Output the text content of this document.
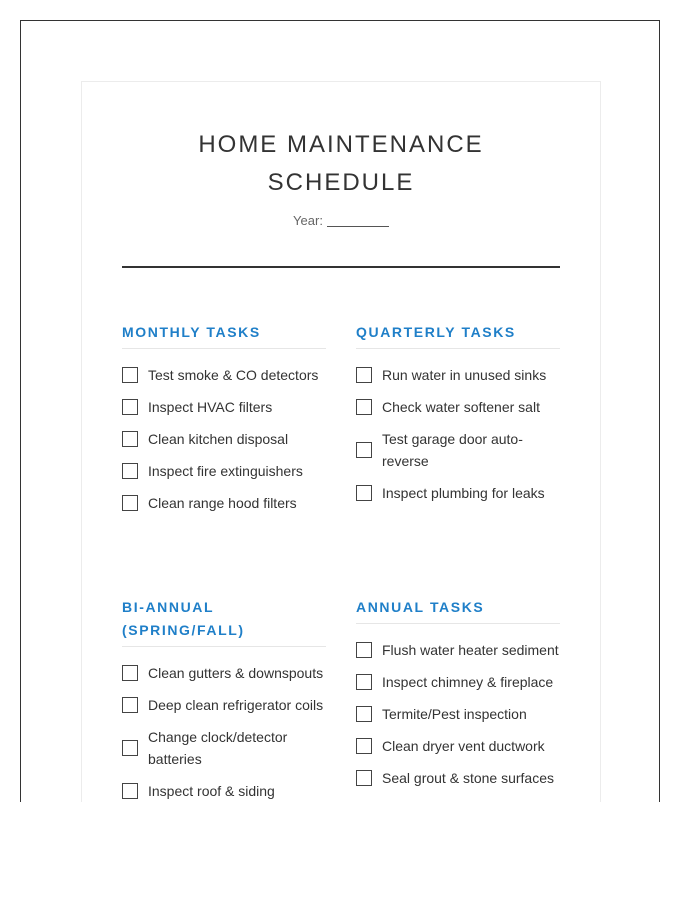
HOME MAINTENANCE
SCHEDULE
Year:
MONTHLY TASKS
Test smoke & CO detectors
Inspect HVAC filters
Clean kitchen disposal
Inspect fire extinguishers
Clean range hood filters
QUARTERLY TASKS
Run water in unused sinks
Check water softener salt
Test garage door auto-reverse
Inspect plumbing for leaks
BI-ANNUAL (SPRING/FALL)
Clean gutters & downspouts
Deep clean refrigerator coils
Change clock/detector batteries
Inspect roof & siding
ANNUAL TASKS
Flush water heater sediment
Inspect chimney & fireplace
Termite/Pest inspection
Clean dryer vent ductwork
Seal grout & stone surfaces
